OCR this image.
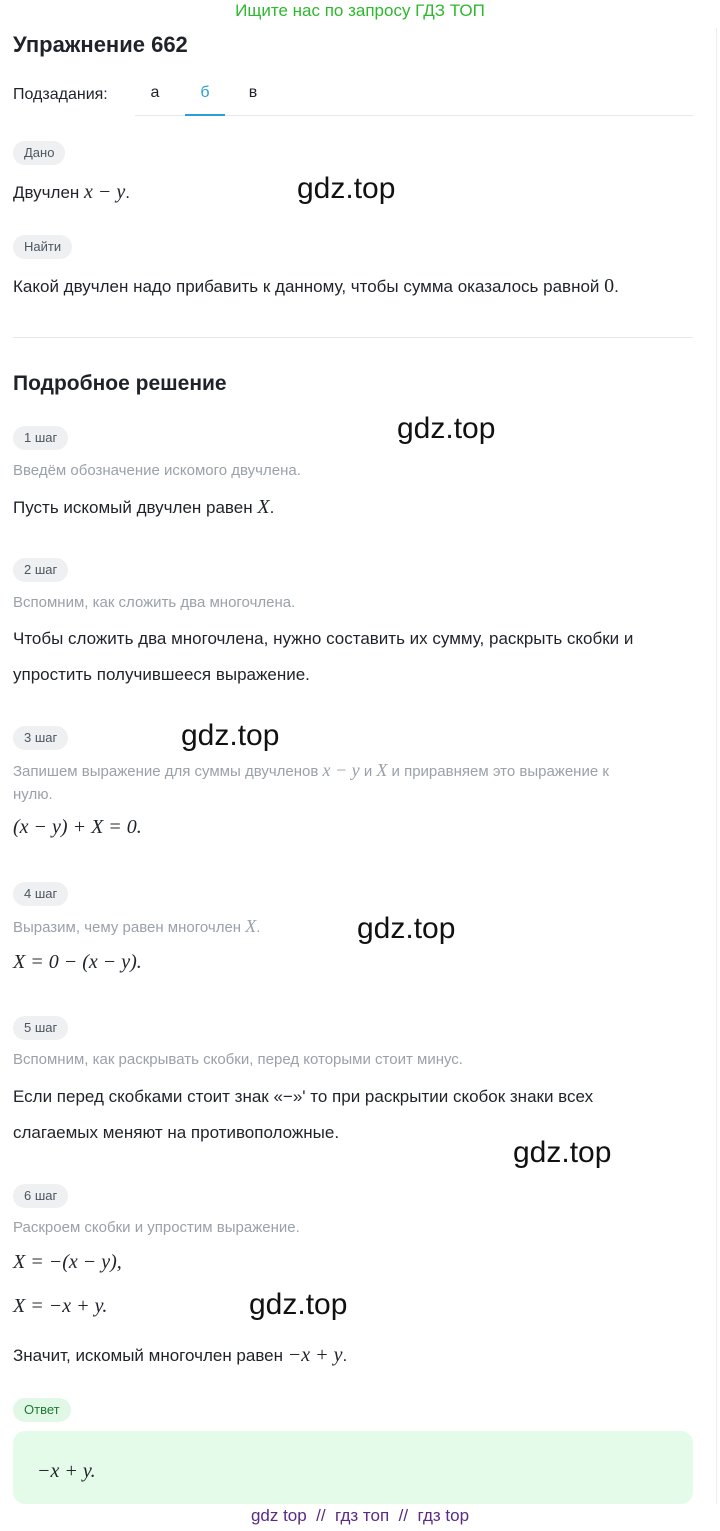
Ищите нас по запросу ГДЗ ТОП
Упражнение 662
Подзадания:	а	б	в
Дано
Двучлен x − y.
Найти
Какой двучлен надо прибавить к данному, чтобы сумма оказалось равной 0.
Подробное решение
1 шаг
Введём обозначение искомого двучлена.
Пусть искомый двучлен равен X.
2 шаг
Вспомним, как сложить два многочлена.
Чтобы сложить два многочлена, нужно составить их сумму, раскрыть скобки и
упростить получившееся выражение.
3 шаг
Запишем выражение для суммы двучленов x − y и X и приравняем это выражение к
нулю.
(x − y) + X = 0.
4 шаг
Выразим, чему равен многочлен X.
X = 0 − (x − y).
5 шаг
Вспомним, как раскрывать скобки, перед которыми стоит минус.
Если перед скобками стоит знак «−»' то при раскрытии скобок знаки всех
слагаемых меняют на противоположные.
6 шаг
Раскроем скобки и упростим выражение.
X = −(x − y),
X = −x + y.
Значит, искомый многочлен равен −x + y.
Ответ
−x + y.
gdz.top
gdz.top
gdz.top
gdz.top
gdz.top
gdz.top
gdz top  //  гдз топ  //  гдз top
